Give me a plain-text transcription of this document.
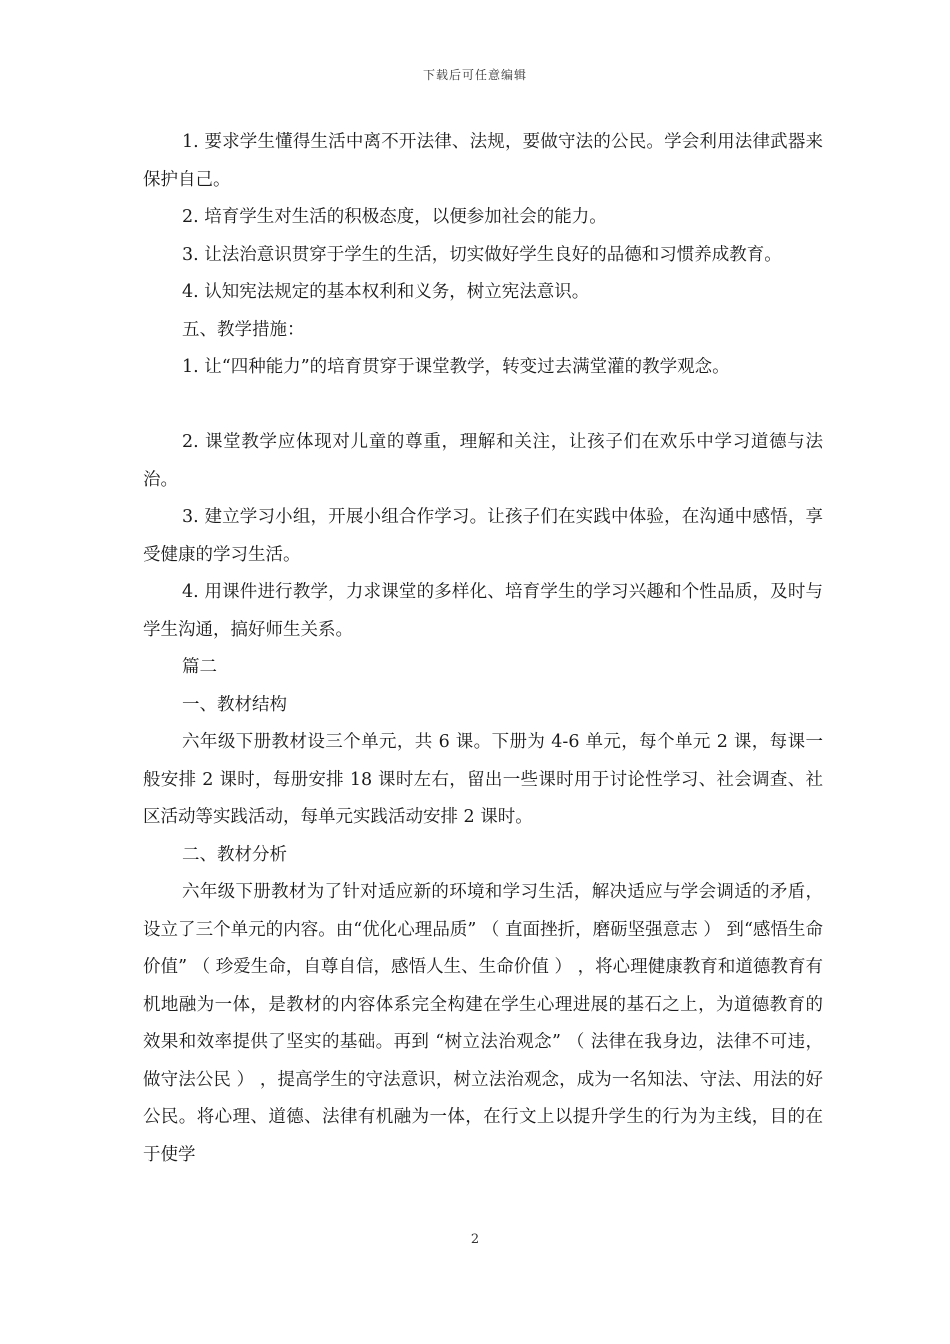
下载后可任意编辑

1. 要求学生懂得生活中离不开法律、法规，要做守法的公民。学会利用法律武器来保护自己。

2. 培育学生对生活的积极态度，以便参加社会的能力。

3. 让法治意识贯穿于学生的生活，切实做好学生良好的品德和习惯养成教育。

4. 认知宪法规定的基本权利和义务，树立宪法意识。

五、教学措施：

1. 让“四种能力”的培育贯穿于课堂教学，转变过去满堂灌的教学观念。

2. 课堂教学应体现对儿童的尊重，理解和关注，让孩子们在欢乐中学习道德与法治。

3. 建立学习小组，开展小组合作学习。让孩子们在实践中体验，在沟通中感悟，享受健康的学习生活。

4. 用课件进行教学，力求课堂的多样化、培育学生的学习兴趣和个性品质，及时与学生沟通，搞好师生关系。

篇二

一、教材结构

六年级下册教材设三个单元，共 6 课。下册为 4-6 单元，每个单元 2 课，每课一般安排 2 课时，每册安排 18 课时左右，留出一些课时用于讨论性学习、社会调查、社区活动等实践活动，每单元实践活动安排 2 课时。

二、教材分析

六年级下册教材为了针对适应新的环境和学习生活，解决适应与学会调适的矛盾，设立了三个单元的内容。由“优化心理品质” （ 直面挫折，磨砺坚强意志 ） 到“感悟生命价值” （ 珍爱生命，自尊自信，感悟人生、生命价值 ） ，将心理健康教育和道德教育有机地融为一体，是教材的内容体系完全构建在学生心理进展的基石之上，为道德教育的效果和效率提供了坚实的基础。再到 “树立法治观念” （ 法律在我身边，法律不可违，做守法公民 ） ，提高学生的守法意识，树立法治观念，成为一名知法、守法、用法的好公民。将心理、道德、法律有机融为一体，在行文上以提升学生的行为为主线，目的在于使学

2
